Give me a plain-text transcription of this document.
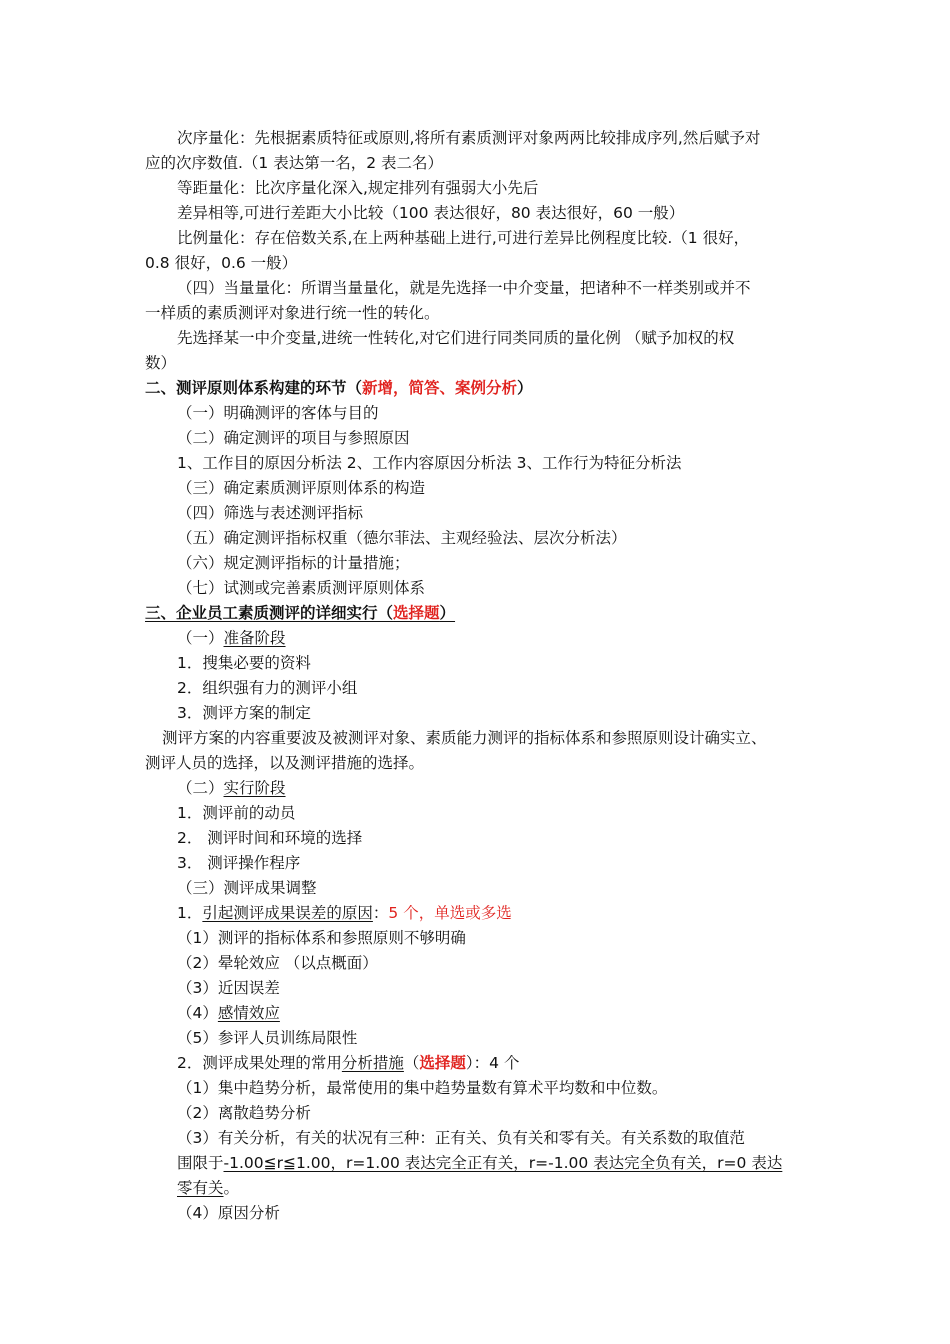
次序量化：先根据素质特征或原则,将所有素质测评对象两两比较排成序列,然后赋予对
应的次序数值.（1 表达第一名，2 表二名）
等距量化：比次序量化深入,规定排列有强弱大小先后
差异相等,可进行差距大小比较（100 表达很好，80 表达很好，60 一般）
比例量化：存在倍数关系,在上两种基础上进行,可进行差异比例程度比较.（1 很好，
0.8 很好，0.6 一般）
（四）当量量化：所谓当量量化，就是先选择一中介变量，把诸种不一样类别或并不
一样质的素质测评对象进行统一性的转化。
先选择某一中介变量,进统一性转化,对它们进行同类同质的量化例 （赋予加权的权
数）
二、测评原则体系构建的环节（新增，简答、案例分析）
（一）明确测评的客体与目的
（二）确定测评的项目与参照原因
1、工作目的原因分析法 2、工作内容原因分析法 3、工作行为特征分析法
（三）确定素质测评原则体系的构造
（四）筛选与表述测评指标
（五）确定测评指标权重（德尔菲法、主观经验法、层次分析法）
（六）规定测评指标的计量措施；
（七）试测或完善素质测评原则体系
三、企业员工素质测评的详细实行（选择题）
（一）准备阶段
1．搜集必要的资料
2．组织强有力的测评小组
3．测评方案的制定
测评方案的内容重要波及被测评对象、素质能力测评的指标体系和参照原则设计确实立、
测评人员的选择，以及测评措施的选择。
（二）实行阶段
1．测评前的动员
2． 测评时间和环境的选择
3． 测评操作程序
（三）测评成果调整
1．引起测评成果误差的原因：5 个，单选或多选
（1）测评的指标体系和参照原则不够明确
（2）晕轮效应 （以点概面）
（3）近因误差
（4）感情效应
（5）参评人员训练局限性
2．测评成果处理的常用分析措施（选择题）：4 个
（1）集中趋势分析，最常使用的集中趋势量数有算术平均数和中位数。
（2）离散趋势分析
（3）有关分析，有关的状况有三种：正有关、负有关和零有关。有关系数的取值范
围限于-1.00≦r≦1.00，r=1.00 表达完全正有关，r=-1.00 表达完全负有关，r=0 表达
零有关。
（4）原因分析
